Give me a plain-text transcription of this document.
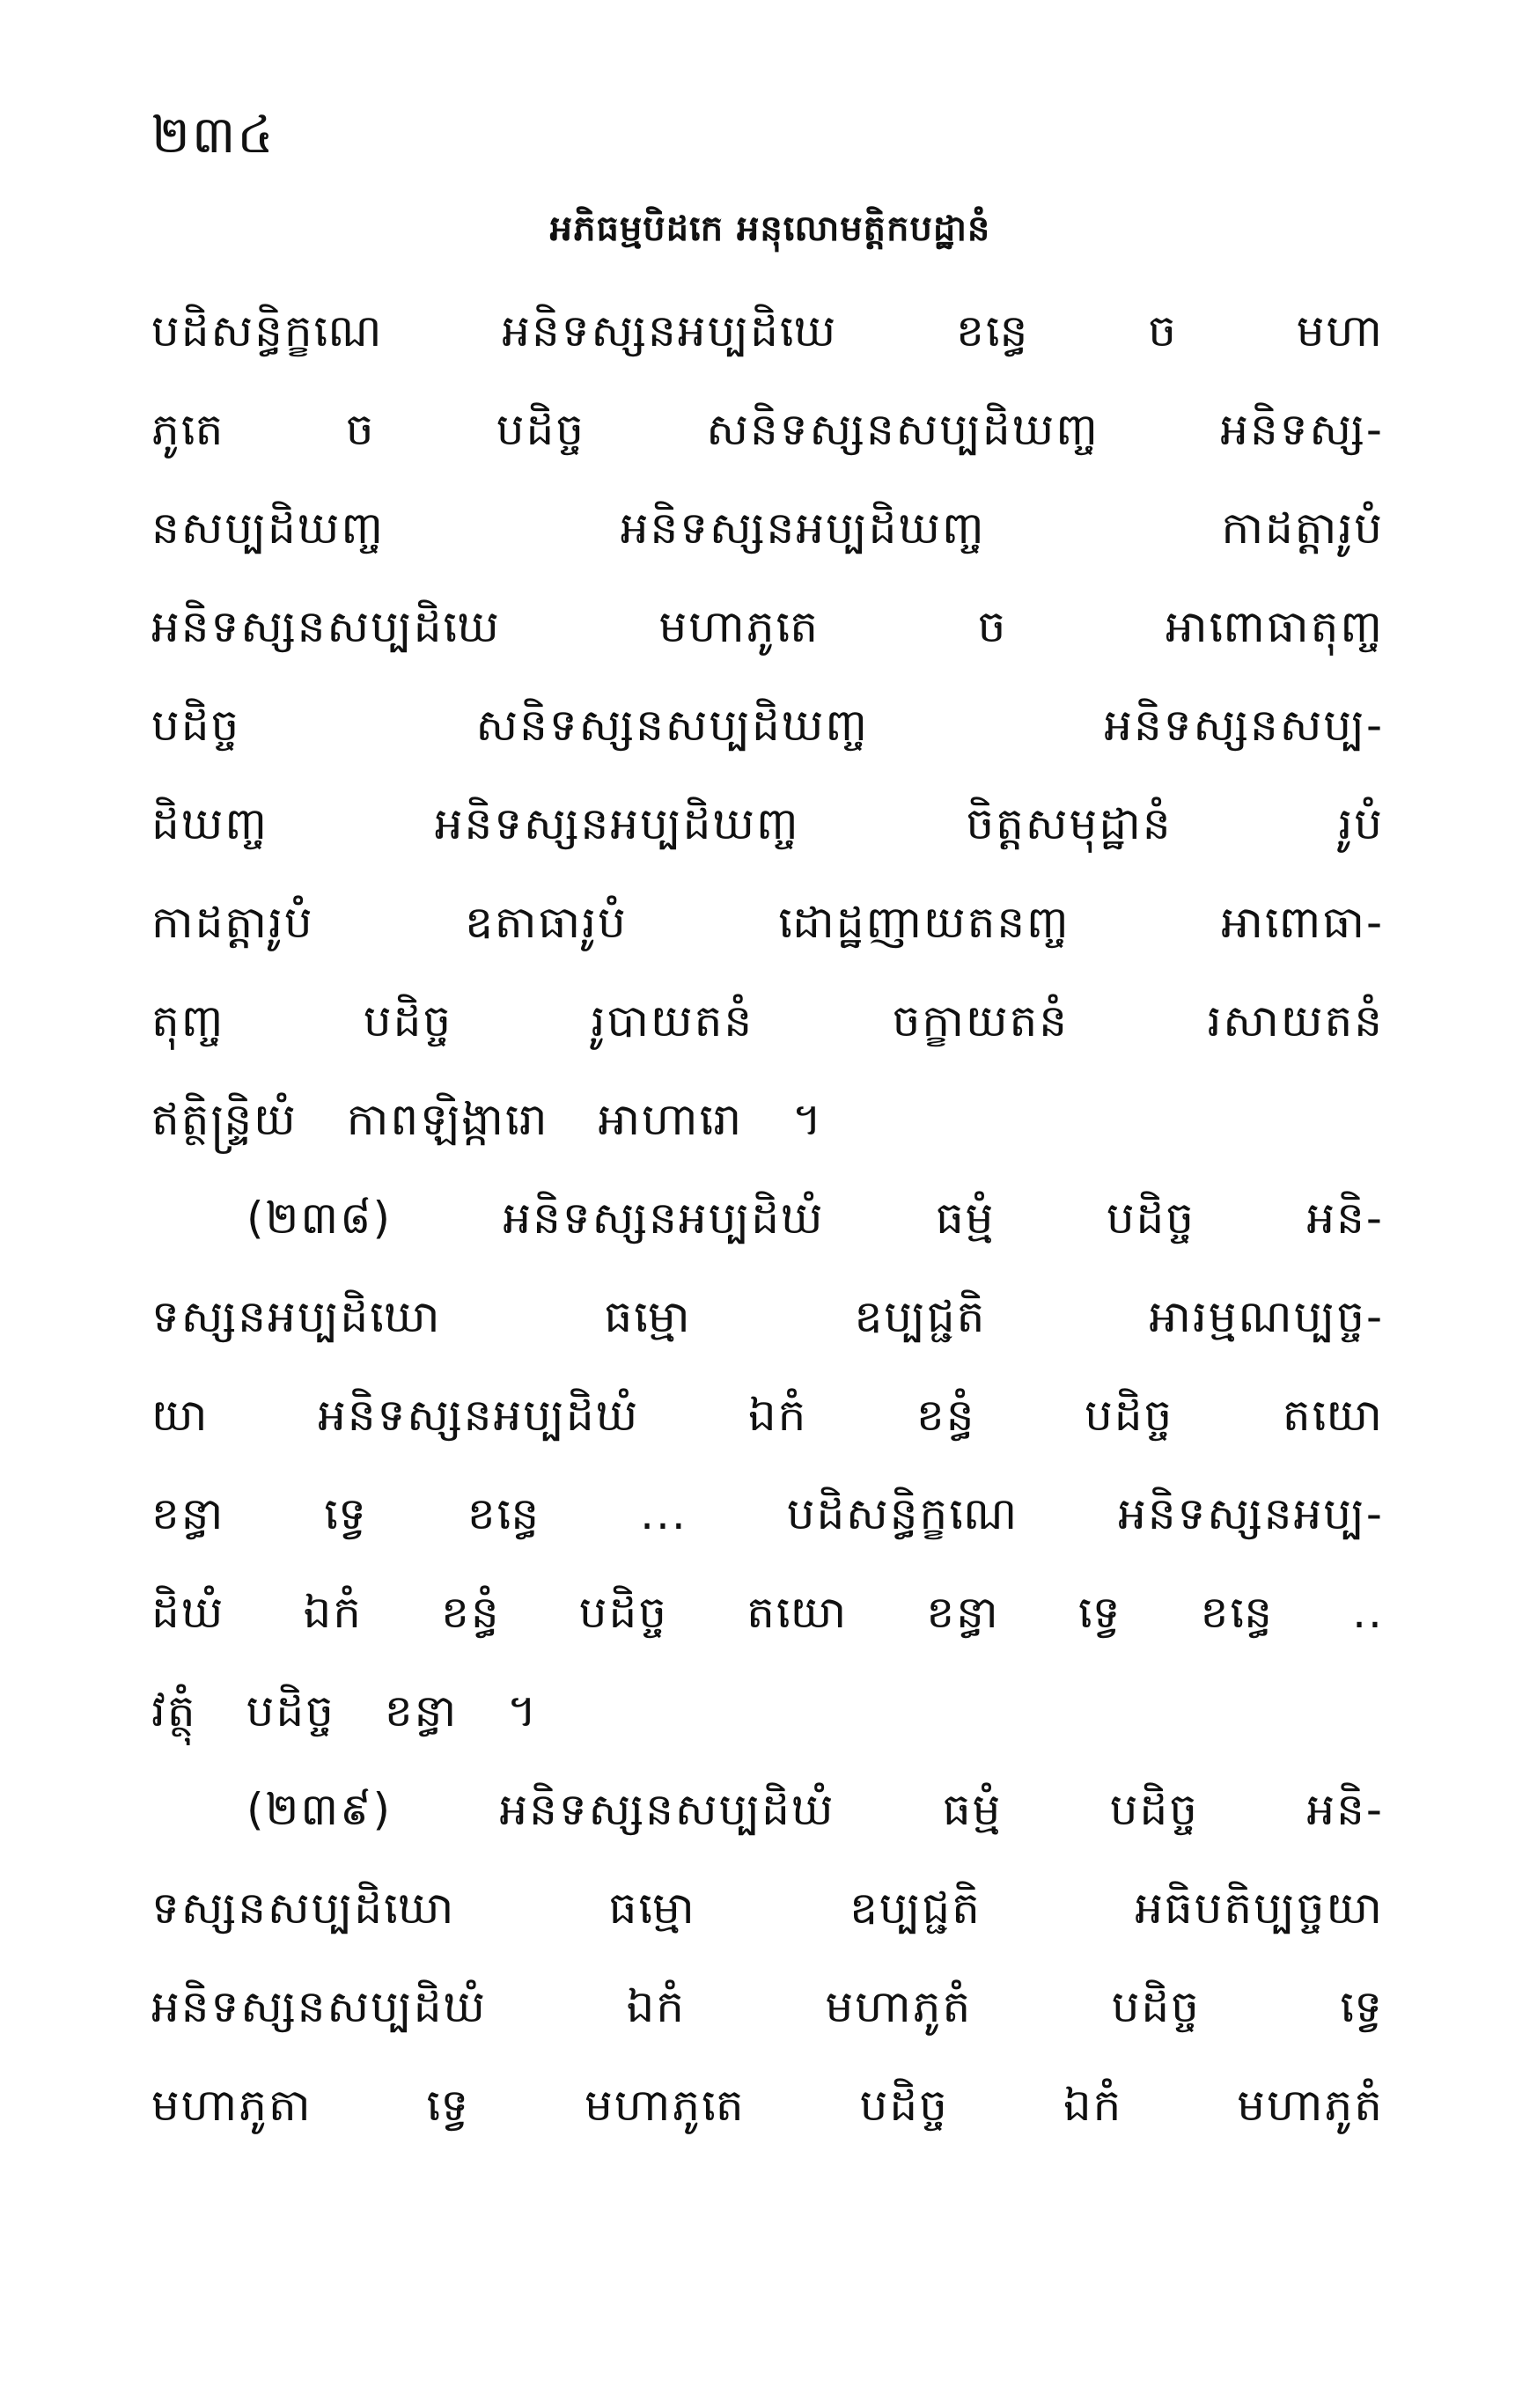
២៣៤
អភិធម្មបិដកេ អនុលោមត្តិកបដ្ឋានំ
បដិសន្ធិក្ខណេ	អនិទស្សនអប្បដិឃេ	ខន្ធេ	ច	មហា
ភូតេ	ច	បដិច្ច	សនិទស្សនសប្បដិឃញ្ច	អនិទស្ស-
នសប្បដិឃញ្ច	អនិទស្សនអប្បដិឃញ្ច	កាដត្តារូបំ
អនិទស្សនសប្បដិឃេ	មហាភូតេ	ច	អាពោធាតុញ្ច
បដិច្ច	សនិទស្សនសប្បដិឃញ្ច	អនិទស្សនសប្ប-
ដិឃញ្ច	អនិទស្សនអប្បដិឃញ្ច	ចិត្តសមុដ្ឋានំ	រូបំ
កាដត្តារូបំ	ឧតាធារូបំ	ដោដ្ឋញាយតនញ្ច	អាពោធា-
តុញ្ច	បដិច្ច	រូបាយតនំ	ចក្ខាយតនំ	រសាយតនំ
ឥត្ថិន្ទ្រិយំ កាពឡិង្ការោ អាហារោ ។
(២៣៨)	អនិទស្សនអប្បដិឃំ	ធម្មំ	បដិច្ច	អនិ-
ទស្សនអប្បដិឃោ	ធម្មោ	ឧប្បជ្ជតិ	អារម្មណប្បច្ច-
យា អនិទស្សនអប្បដិឃំ ឯកំ ខន្ធំ បដិច្ច តយោ
ខន្ធា ទ្វេ ខន្ធេ ... បដិសន្ធិក្ខណេ អនិទស្សនអប្ប-
ដិឃំ ឯកំ ខន្ធំ បដិច្ច តយោ ខន្ធា ទ្វេ ខន្ធេ ..
វត្ថុំ បដិច្ច ខន្ធា ។
(២៣៩) អនិទស្សនសប្បដិឃំ ធម្មំ បដិច្ច អនិ-
ទស្សនសប្បដិឃោ	ធម្មោ	ឧប្បជ្ជតិ	អធិបតិប្បច្ចយា
អនិទស្សនសប្បដិឃំ	ឯកំ	មហាភូតំ	បដិច្ច	ទ្វេ
មហាភូតា	ទ្វេ	មហាភូតេ	បដិច្ច	ឯកំ	មហាភូតំ
